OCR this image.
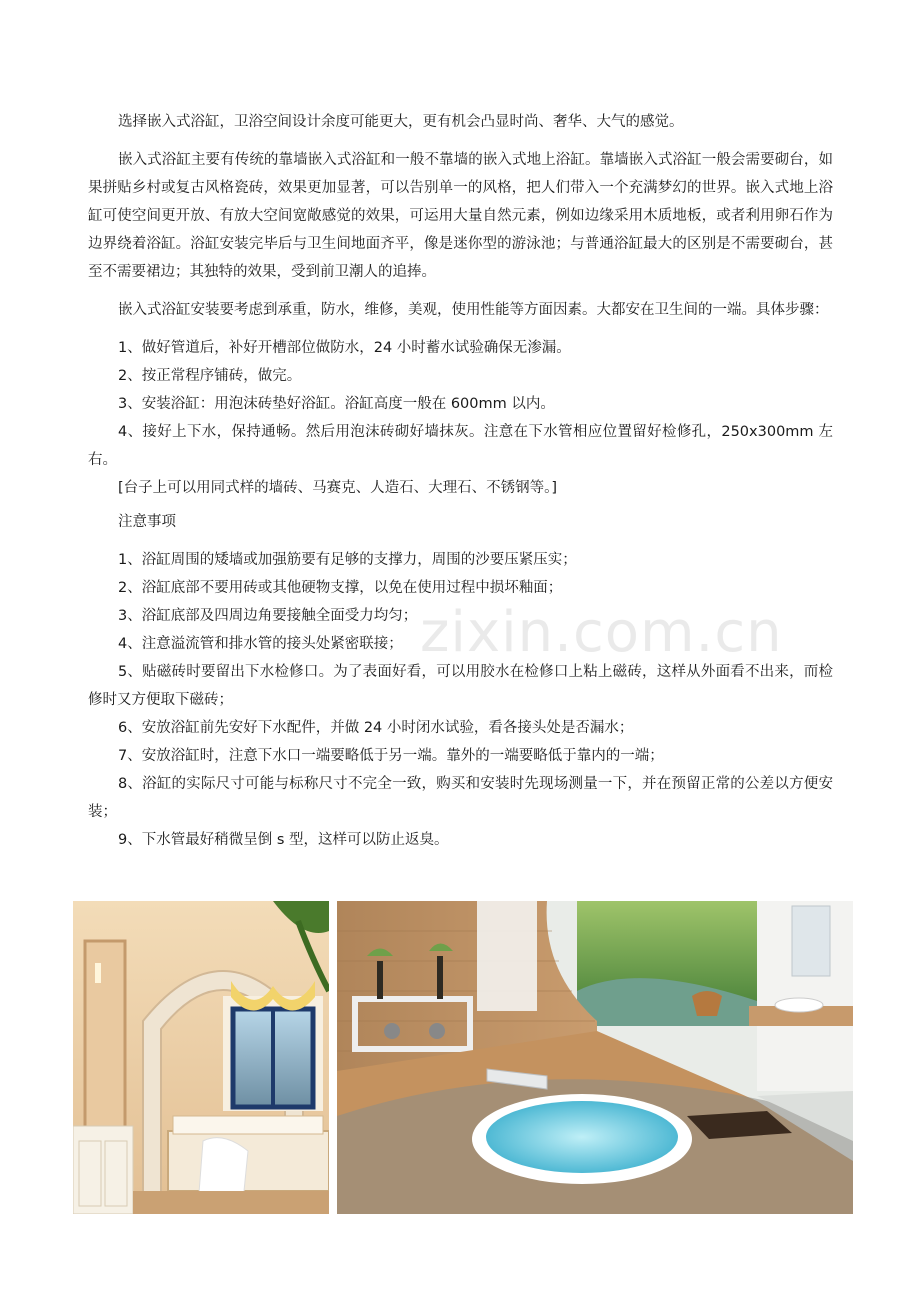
选择嵌入式浴缸，卫浴空间设计余度可能更大，更有机会凸显时尚、奢华、大气的感觉。

嵌入式浴缸主要有传统的靠墙嵌入式浴缸和一般不靠墙的嵌入式地上浴缸。靠墙嵌入式浴缸一般会需要砌台，如果拼贴乡村或复古风格瓷砖，效果更加显著，可以告别单一的风格，把人们带入一个充满梦幻的世界。嵌入式地上浴缸可使空间更开放、有放大空间宽敞感觉的效果，可运用大量自然元素，例如边缘采用木质地板，或者利用卵石作为边界绕着浴缸。浴缸安装完毕后与卫生间地面齐平，像是迷你型的游泳池；与普通浴缸最大的区别是不需要砌台，甚至不需要裙边；其独特的效果，受到前卫潮人的追捧。

嵌入式浴缸安装要考虑到承重，防水，维修，美观，使用性能等方面因素。大都安在卫生间的一端。具体步骤：

1、做好管道后，补好开槽部位做防水，24 小时蓄水试验确保无渗漏。

2、按正常程序铺砖，做完。

3、安装浴缸：用泡沫砖垫好浴缸。浴缸高度一般在 600mm 以内。

4、接好上下水，保持通畅。然后用泡沫砖砌好墙抹灰。注意在下水管相应位置留好检修孔，250x300mm 左右。

[台子上可以用同式样的墙砖、马赛克、人造石、大理石、不锈钢等。]

注意事项

1、浴缸周围的矮墙或加强筋要有足够的支撑力，周围的沙要压紧压实；

2、浴缸底部不要用砖或其他硬物支撑，以免在使用过程中损坏釉面；

3、浴缸底部及四周边角要接触全面受力均匀；

4、注意溢流管和排水管的接头处紧密联接；

5、贴磁砖时要留出下水检修口。为了表面好看，可以用胶水在检修口上粘上磁砖，这样从外面看不出来，而检修时又方便取下磁砖；

6、安放浴缸前先安好下水配件，并做 24 小时闭水试验，看各接头处是否漏水；

7、安放浴缸时，注意下水口一端要略低于另一端。靠外的一端要略低于靠内的一端；

8、浴缸的实际尺寸可能与标称尺寸不完全一致，购买和安装时先现场测量一下，并在预留正常的公差以方便安装；

9、下水管最好稍微呈倒 s 型，这样可以防止返臭。

zixin.com.cn
